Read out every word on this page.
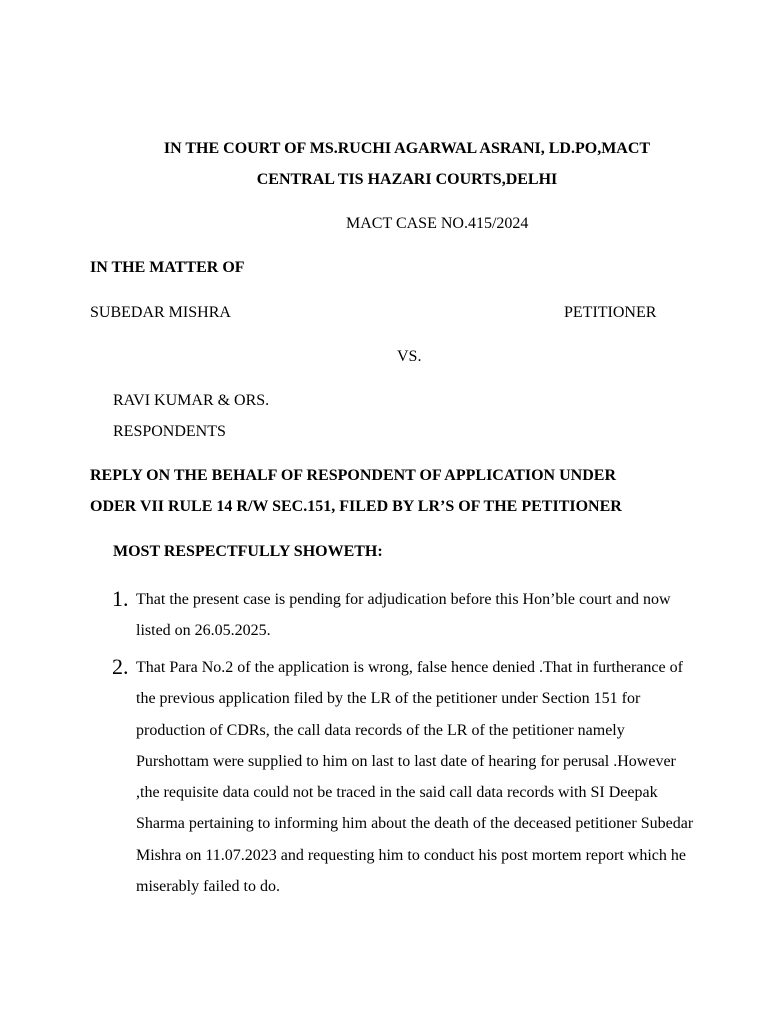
IN THE COURT OF MS.RUCHI AGARWAL ASRANI, LD.PO,MACT
CENTRAL TIS HAZARI COURTS,DELHI
MACT CASE NO.415/2024
IN THE MATTER OF
SUBEDAR MISHRA	PETITIONER
VS.
RAVI KUMAR & ORS.
RESPONDENTS
REPLY ON THE BEHALF OF RESPONDENT OF APPLICATION UNDER
ODER VII RULE 14 R/W SEC.151, FILED BY LR’S OF THE PETITIONER
MOST RESPECTFULLY SHOWETH:
1. That the present case is pending for adjudication before this Hon’ble court and now listed on 26.05.2025.
2. That Para No.2 of the application is wrong, false hence denied .That in furtherance of the previous application filed by the LR of the petitioner under Section 151 for production of CDRs, the call data records of the LR of the petitioner namely Purshottam were supplied to him on last to last date of hearing for perusal .However ,the requisite data could not be traced in the said call data records with SI Deepak Sharma pertaining to informing him about the death of the deceased petitioner Subedar Mishra on 11.07.2023 and requesting him to conduct his post mortem report which he miserably failed to do.
